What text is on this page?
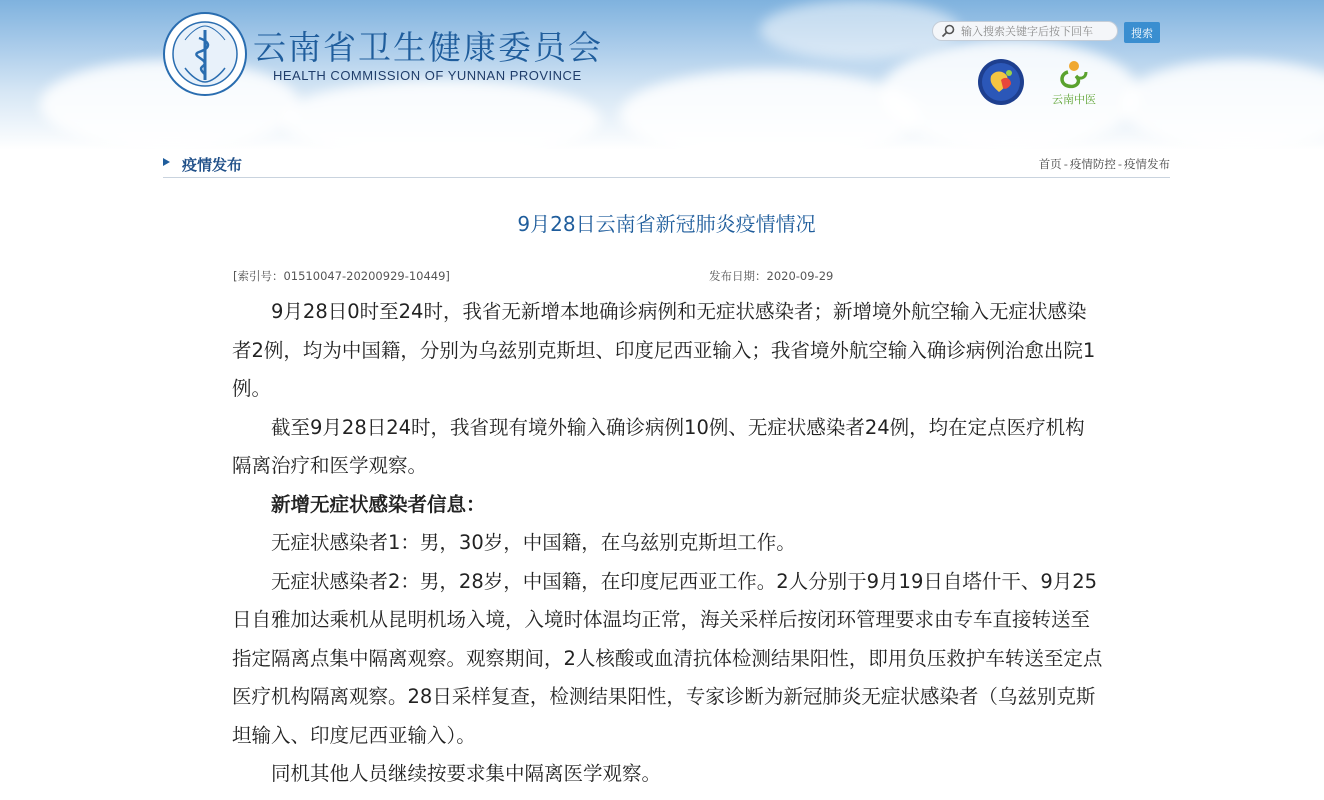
云南省卫生健康委员会
HEALTH COMMISSION OF YUNNAN PROVINCE
输入搜索关键字后按下回车
搜索
云南中医
疫情发布	首页 - 疫情防控 - 疫情发布
9月28日云南省新冠肺炎疫情情况
[索引号：01510047-20200929-10449]	发布日期：2020-09-29

9月28日0时至24时，我省无新增本地确诊病例和无症状感染者；新增境外航空输入无症状感染者2例，均为中国籍，分别为乌兹别克斯坦、印度尼西亚输入；我省境外航空输入确诊病例治愈出院1例。

截至9月28日24时，我省现有境外输入确诊病例10例、无症状感染者24例，均在定点医疗机构隔离治疗和医学观察。

新增无症状感染者信息：

无症状感染者1：男，30岁，中国籍，在乌兹别克斯坦工作。

无症状感染者2：男，28岁，中国籍，在印度尼西亚工作。2人分别于9月19日自塔什干、9月25日自雅加达乘机从昆明机场入境，入境时体温均正常，海关采样后按闭环管理要求由专车直接转送至指定隔离点集中隔离观察。观察期间，2人核酸或血清抗体检测结果阳性，即用负压救护车转送至定点医疗机构隔离观察。28日采样复查，检测结果阳性，专家诊断为新冠肺炎无症状感染者（乌兹别克斯坦输入、印度尼西亚输入）。

同机其他人员继续按要求集中隔离医学观察。
